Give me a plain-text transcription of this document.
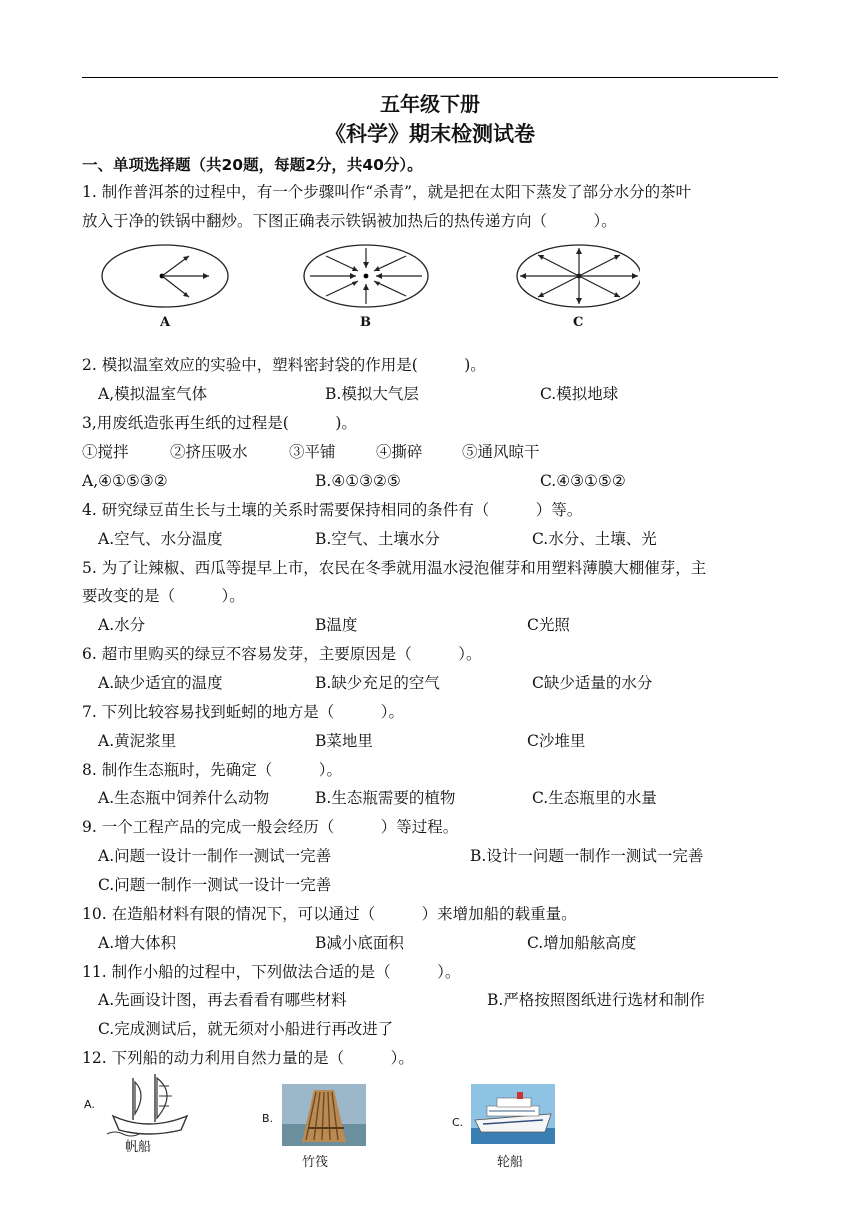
五年级下册
《科学》期末检测试卷
一、单项选择题（共20题，每题2分，共40分）。
1. 制作普洱茶的过程中，有一个步骤叫作“杀青”，就是把在太阳下蒸发了部分水分的茶叶
放入于净的铁锅中翻炒。下图正确表示铁锅被加热后的热传递方向（　　　）。
A	B	C
2. 模拟温室效应的实验中，塑料密封袋的作用是(　　　)。
A,模拟温室气体	B.模拟大气层	C.模拟地球
3,用废纸造张再生纸的过程是(　　　)。
①搅拌	②挤压吸水	③平铺	④撕碎	⑤通风晾干
A,④①⑤③②	B.④①③②⑤	C.④③①⑤②
4. 研究绿豆苗生长与土壤的关系时需要保持相同的条件有（　　　）等。
A.空气、水分温度	B.空气、土壤水分	C.水分、土壤、光
5. 为了让辣椒、西瓜等提早上市，农民在冬季就用温水浸泡催芽和用塑料薄膜大棚催芽，主
要改变的是（　　　）。
A.水分	B温度	C光照
6. 超市里购买的绿豆不容易发芽，主要原因是（　　　）。
A.缺少适宜的温度	B.缺少充足的空气	C缺少适量的水分
7. 下列比较容易找到蚯蚓的地方是（　　　）。
A.黄泥浆里	B菜地里	C沙堆里
8. 制作生态瓶时，先确定（　　　）。
A.生态瓶中饲养什么动物	B.生态瓶需要的植物	C.生态瓶里的水量
9. 一个工程产品的完成一般会经历（　　　）等过程。
A.问题一设计一制作一测试一完善	B.设计一问题一制作一测试一完善
C.问题一制作一测试一设计一完善
10. 在造船材料有限的情况下，可以通过（　　　）来增加船的载重量。
A.增大体积	B减小底面积	C.增加船舷高度
11. 制作小船的过程中，下列做法合适的是（　　　）。
A.先画设计图，再去看看有哪些材料	B.严格按照图纸进行选材和制作
C.完成测试后，就无须对小船进行再改进了
12. 下列船的动力利用自然力量的是（　　　）。
A.
帆船
B.
竹筏
C.
轮船
